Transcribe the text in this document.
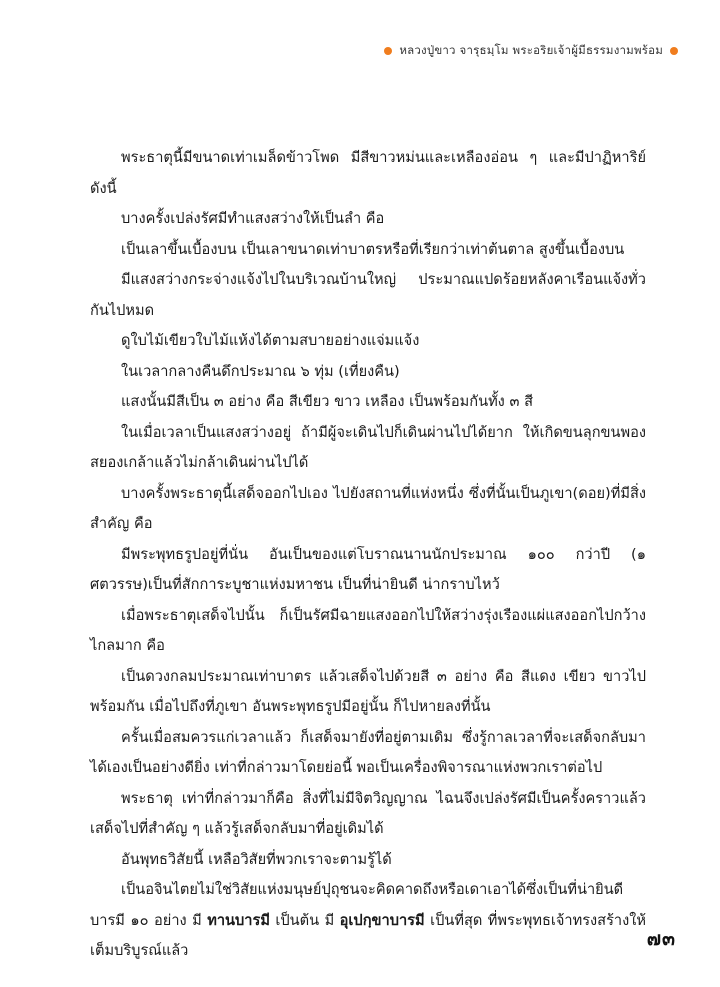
หลวงปู่ขาว จารุธมฺโม พระอริยเจ้าผู้มีธรรมงามพร้อม

พระธาตุนี้มีขนาดเท่าเมล็ดข้าวโพด มีสีขาวหม่นและเหลืองอ่อน ๆ และมีปาฏิหาริย์ดังนี้

บางครั้งเปล่งรัศมีทำแสงสว่างให้เป็นลำ คือ

เป็นเลาขึ้นเบื้องบน เป็นเลาขนาดเท่าบาตรหรือที่เรียกว่าเท่าต้นตาล สูงขึ้นเบื้องบน

มีแสงสว่างกระจ่างแจ้งไปในบริเวณบ้านใหญ่ ประมาณแปดร้อยหลังคาเรือนแจ้งทั่วกันไปหมด

ดูใบไม้เขียวใบไม้แห้งได้ตามสบายอย่างแจ่มแจ้ง

ในเวลากลางคืนดึกประมาณ ๖ ทุ่ม (เที่ยงคืน)

แสงนั้นมีสีเป็น ๓ อย่าง คือ สีเขียว ขาว เหลือง เป็นพร้อมกันทั้ง ๓ สี

ในเมื่อเวลาเป็นแสงสว่างอยู่ ถ้ามีผู้จะเดินไปก็เดินผ่านไปได้ยาก ให้เกิดขนลุกขนพองสยองเกล้าแล้วไม่กล้าเดินผ่านไปได้

บางครั้งพระธาตุนี้เสด็จออกไปเอง ไปยังสถานที่แห่งหนึ่ง ซึ่งที่นั้นเป็นภูเขา(ดอย)ที่มีสิ่งสำคัญ คือ

มีพระพุทธรูปอยู่ที่นั่น อันเป็นของแต่โบราณนานนักประมาณ ๑๐๐ กว่าปี (๑ ศตวรรษ)เป็นที่สักการะบูชาแห่งมหาชน เป็นที่น่ายินดี น่ากราบไหว้

เมื่อพระธาตุเสด็จไปนั้น ก็เป็นรัศมีฉายแสงออกไปให้สว่างรุ่งเรืองแผ่แสงออกไปกว้างไกลมาก คือ

เป็นดวงกลมประมาณเท่าบาตร แล้วเสด็จไปด้วยสี ๓ อย่าง คือ สีแดง เขียว ขาวไปพร้อมกัน เมื่อไปถึงที่ภูเขา อันพระพุทธรูปมีอยู่นั้น ก็ไปหายลงที่นั้น

ครั้นเมื่อสมควรแก่เวลาแล้ว ก็เสด็จมายังที่อยู่ตามเดิม ซึ่งรู้กาลเวลาที่จะเสด็จกลับมาได้เองเป็นอย่างดียิ่ง เท่าที่กล่าวมาโดยย่อนี้ พอเป็นเครื่องพิจารณาแห่งพวกเราต่อไป

พระธาตุ เท่าที่กล่าวมาก็คือ สิ่งที่ไม่มีจิตวิญญาณ ไฉนจึงเปล่งรัศมีเป็นครั้งคราวแล้วเสด็จไปที่สำคัญ ๆ แล้วรู้เสด็จกลับมาที่อยู่เดิมได้

อันพุทธวิสัยนี้ เหลือวิสัยที่พวกเราจะตามรู้ได้

เป็นอจินไตยไม่ใช่วิสัยแห่งมนุษย์ปุถุชนจะคิดคาดถึงหรือเดาเอาได้ซึ่งเป็นที่น่ายินดีบารมี ๑๐ อย่าง มี ทานบารมี เป็นต้น มี อุเปกฺขาบารมี เป็นที่สุด ที่พระพุทธเจ้าทรงสร้างให้เต็มบริบูรณ์แล้ว

๗๓
